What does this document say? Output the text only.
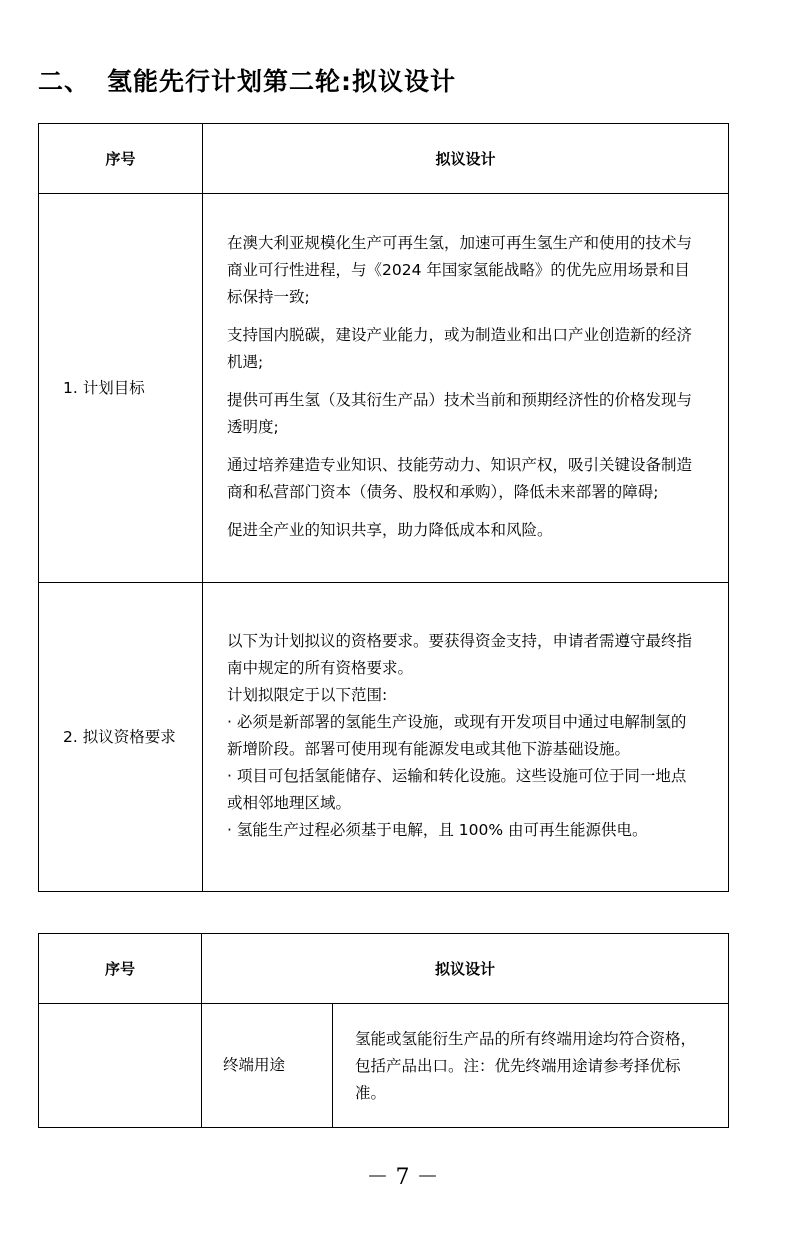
二、 氢能先行计划第二轮:拟议设计
序号	拟议设计
1. 计划目标	在澳大利亚规模化生产可再生氢，加速可再生氢生产和使用的技术与商业可行性进程，与《2024 年国家氢能战略》的优先应用场景和目标保持一致;

支持国内脱碳，建设产业能力，或为制造业和出口产业创造新的经济机遇;

提供可再生氢（及其衍生产品）技术当前和预期经济性的价格发现与透明度;

通过培养建造专业知识、技能劳动力、知识产权，吸引关键设备制造商和私营部门资本（债务、股权和承购），降低未来部署的障碍;

促进全产业的知识共享，助力降低成本和风险。

2. 拟议资格要求	以下为计划拟议的资格要求。要获得资金支持，申请者需遵守最终指南中规定的所有资格要求。

计划拟限定于以下范围:

· 必须是新部署的氢能生产设施，或现有开发项目中通过电解制氢的新增阶段。部署可使用现有能源发电或其他下游基础设施。

· 项目可包括氢能储存、运输和转化设施。这些设施可位于同一地点或相邻地理区域。

· 氢能生产过程必须基于电解，且 100% 由可再生能源供电。

序号	拟议设计	
	终端用途	氢能或氢能衍生产品的所有终端用途均符合资格，包括产品出口。注：优先终端用途请参考择优标准。
－ 7 －
